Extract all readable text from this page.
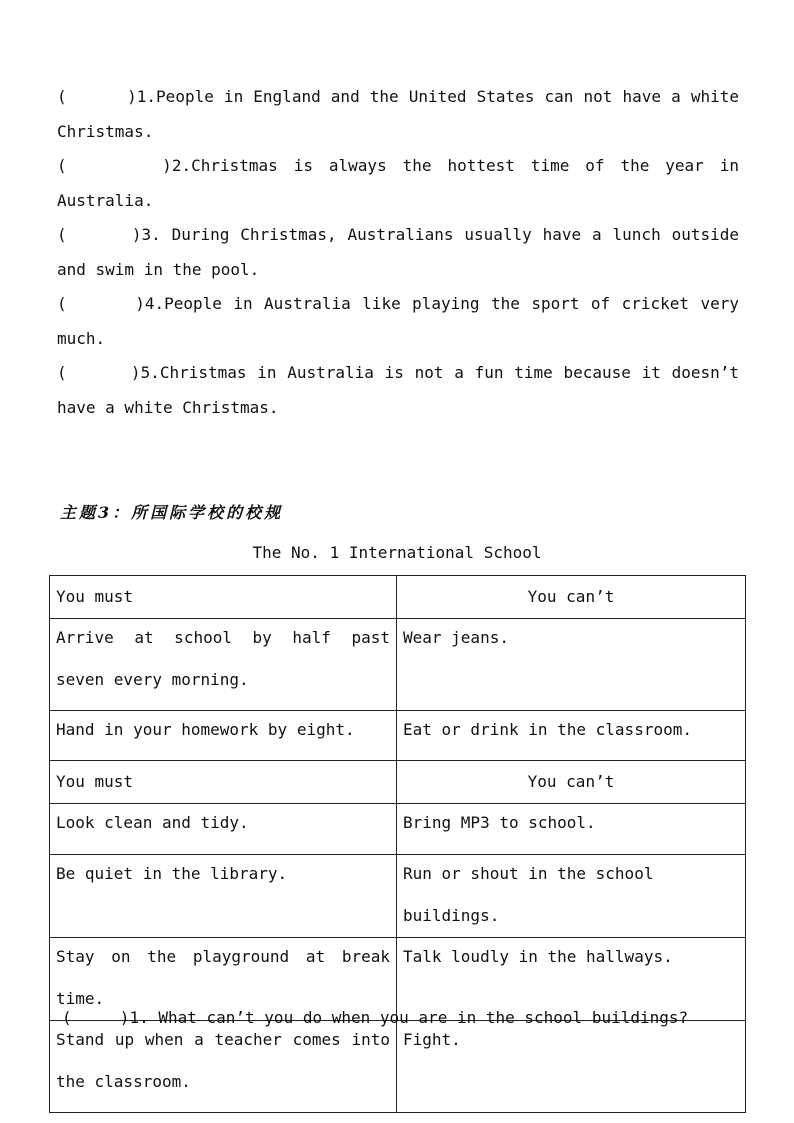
(      )1.People in England and the United States can not have a white Christmas.

(      )2.Christmas is always the hottest time of the year in Australia.

(      )3. During Christmas, Australians usually have a lunch outside and swim in the pool.

(      )4.People in Australia like playing the sport of cricket very much.

(      )5.Christmas in Australia is not a fun time because it doesn’t have a white Christmas.

主题3：所国际学校的校规
The No. 1 International School
You must	You can’t

Arrive at school by half past seven every morning.	Wear jeans.

Hand in your homework by eight.	Eat or drink in the classroom.

You must	You can’t

Look clean and tidy.	Bring MP3 to school.

Be quiet in the library.	Run or shout in the school buildings.

Stay on the playground at break time.	Talk loudly in the hallways.

Stand up when a teacher comes into the classroom.	Fight.
(     )1. What can’t you do when you are in the school buildings?
